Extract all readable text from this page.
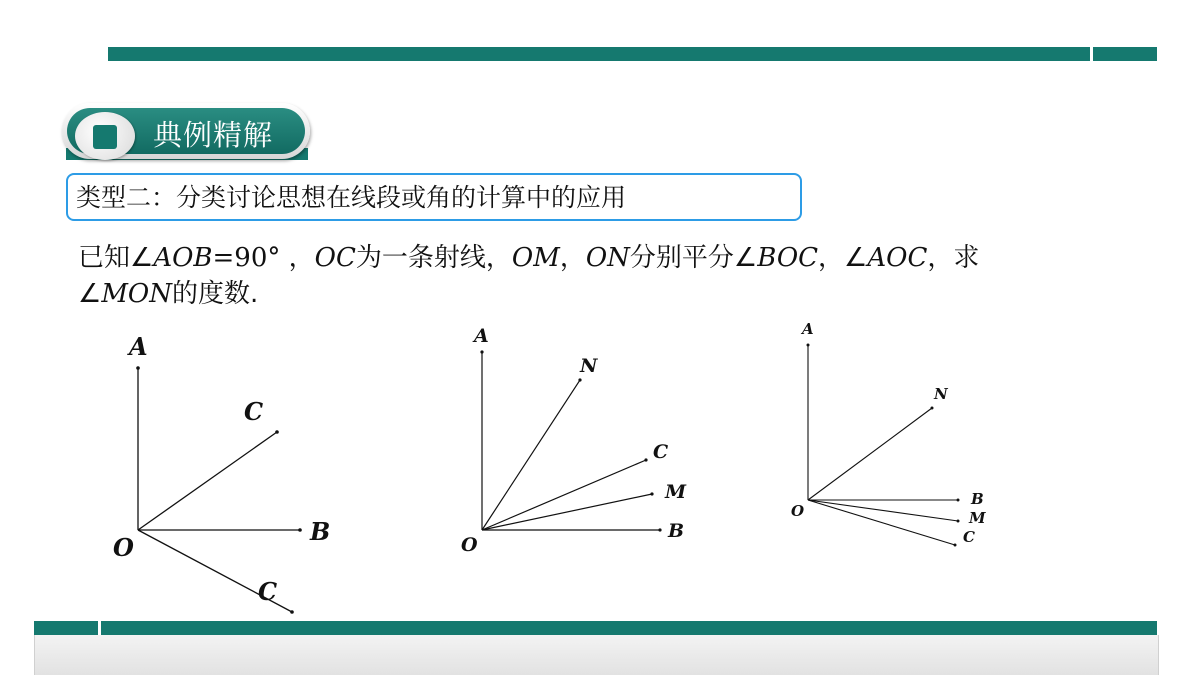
典例精解
类型二：分类讨论思想在线段或角的计算中的应用
已知∠AOB=90° ，OC为一条射线，OM，ON分别平分∠BOC，∠AOC，求
∠MON的度数.
A
C
B
O
C
A
N
C
M
B
O
A
N
B
M
C
O
